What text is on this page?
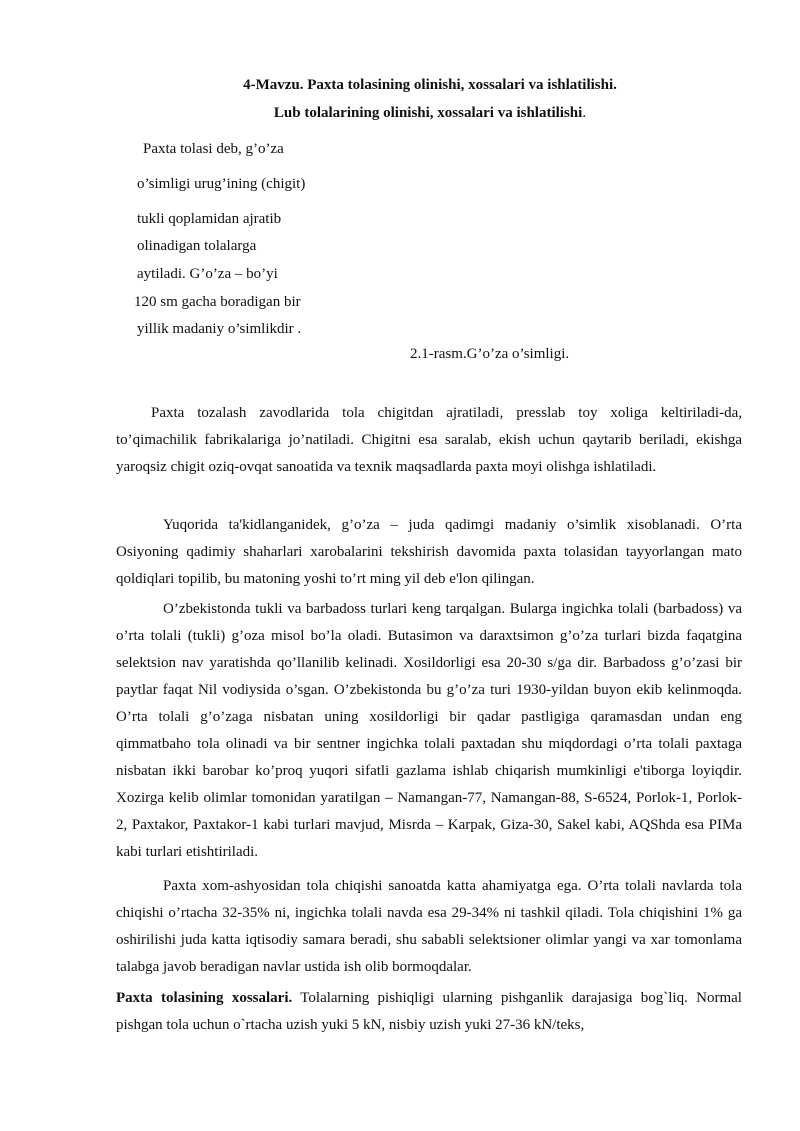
4-Mavzu. Paxta tolasining olinishi, xossalari va ishlatilishi.
Lub tolalarining olinishi, xossalari va ishlatilishi.
Paxta tolasi deb, g’o’za
o’simligi urug’ining (chigit)
tukli qoplamidan ajratib
olinadigan tolalarga
aytiladi. G’o’za – bo’yi
120 sm gacha boradigan bir
yillik madaniy o’simlikdir .
2.1-rasm.G’o’za o’simligi.

Paxta tozalash zavodlarida tola chigitdan ajratiladi, presslab toy xoliga keltiriladi-da, to’qimachilik fabrikalariga jo’natiladi. Chigitni esa saralab, ekish uchun qaytarib beriladi, ekishga yaroqsiz chigit oziq-ovqat sanoatida va texnik maqsadlarda paxta moyi olishga ishlatiladi.

Yuqorida ta'kidlanganidek, g’o’za – juda qadimgi madaniy o’simlik xisoblanadi. O’rta Osiyoning qadimiy shaharlari xarobalarini tekshirish davomida paxta tolasidan tayyorlangan mato qoldiqlari topilib, bu matoning yoshi to’rt ming yil deb e'lon qilingan.

O’zbekistonda tukli va barbadoss turlari keng tarqalgan. Bularga ingichka tolali (barbadoss) va o’rta tolali (tukli) g’oza misol bo’la oladi. Butasimon va daraxtsimon g’o’za turlari bizda faqatgina selektsion nav yaratishda qo’llanilib kelinadi. Xosildorligi esa 20-30 s/ga dir. Barbadoss g’o’zasi bir paytlar faqat Nil vodiysida o’sgan. O’zbekistonda bu g’o’za turi 1930-yildan buyon ekib kelinmoqda. O’rta tolali g’o’zaga nisbatan uning xosildorligi bir qadar pastligiga qaramasdan undan eng qimmatbaho tola olinadi va bir sentner ingichka tolali paxtadan shu miqdordagi o’rta tolali paxtaga nisbatan ikki barobar ko’proq yuqori sifatli gazlama ishlab chiqarish mumkinligi e'tiborga loyiqdir. Xozirga kelib olimlar tomonidan yaratilgan – Namangan-77, Namangan-88, S-6524, Porlok-1, Porlok-2, Paxtakor, Paxtakor-1 kabi turlari mavjud, Misrda – Karpak, Giza-30, Sakel kabi, AQShda esa PIMa kabi turlari etishtiriladi.

Paxta xom-ashyosidan tola chiqishi sanoatda katta ahamiyatga ega. O’rta tolali navlarda tola chiqishi o’rtacha 32-35% ni, ingichka tolali navda esa 29-34% ni tashkil qiladi. Tola chiqishini 1% ga oshirilishi juda katta iqtisodiy samara beradi, shu sababli selektsioner olimlar yangi va xar tomonlama talabga javob beradigan navlar ustida ish olib bormoqdalar.

Paxta tolasining xossalari. Tolalarning pishiqligi ularning pishganlik darajasiga bog`liq. Normal pishgan tola uchun o`rtacha uzish yuki 5 kN, nisbiy uzish yuki 27-36 kN/teks,
